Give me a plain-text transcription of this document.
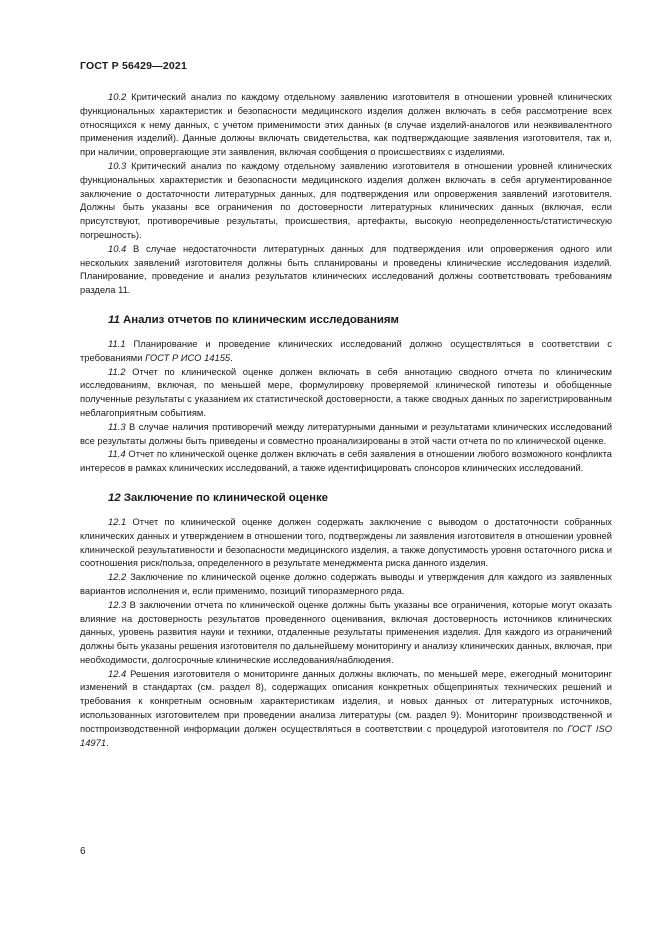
ГОСТ Р 56429—2021

10.2 Критический анализ по каждому отдельному заявлению изготовителя в отношении уровней клинических функциональных характеристик и безопасности медицинского изделия должен включать в себя рассмотрение всех относящихся к нему данных, с учетом применимости этих данных (в случае изделий-аналогов или неэквивалентного применения изделий). Данные должны включать свидетельства, как подтверждающие заявления изготовителя, так и, при наличии, опровергающие эти заявления, включая сообщения о происшествиях с изделиями.

10.3 Критический анализ по каждому отдельному заявлению изготовителя в отношении уровней клинических функциональных характеристик и безопасности медицинского изделия должен включать в себя аргументированное заключение о достаточности литературных данных, для подтверждения или опровержения заявлений изготовителя. Должны быть указаны все ограничения по достоверности литературных клинических данных (включая, если присутствуют, противоречивые результаты, происшествия, артефакты, высокую неопределенность/статистическую погрешность).

10.4 В случае недостаточности литературных данных для подтверждения или опровержения одного или нескольких заявлений изготовителя должны быть спланированы и проведены клинические исследования изделий. Планирование, проведение и анализ результатов клинических исследований должны соответствовать требованиям раздела 11.

11 Анализ отчетов по клиническим исследованиям

11.1 Планирование и проведение клинических исследований должно осуществляться в соответствии с требованиями ГОСТ Р ИСО 14155.

11.2 Отчет по клинической оценке должен включать в себя аннотацию сводного отчета по клиническим исследованиям, включая, по меньшей мере, формулировку проверяемой клинической гипотезы и обобщенные полученные результаты с указанием их статистической достоверности, а также сводных данных по зарегистрированным неблагоприятным событиям.

11.3 В случае наличия противоречий между литературными данными и результатами клинических исследований все результаты должны быть приведены и совместно проанализированы в этой части отчета по по клинической оценке.

11.4 Отчет по клинической оценке должен включать в себя заявления в отношении любого возможного конфликта интересов в рамках клинических исследований, а также идентифицировать спонсоров клинических исследований.

12 Заключение по клинической оценке

12.1 Отчет по клинической оценке должен содержать заключение с выводом о достаточности собранных клинических данных и утверждением в отношении того, подтверждены ли заявления изготовителя в отношении уровней клинической результативности и безопасности медицинского изделия, а также допустимость уровня остаточного риска и соотношения риск/польза, определенного в результате менеджмента риска данного изделия.

12.2 Заключение по клинической оценке должно содержать выводы и утверждения для каждого из заявленных вариантов исполнения и, если применимо, позиций типоразмерного ряда.

12.3 В заключении отчета по клинической оценке должны быть указаны все ограничения, которые могут оказать влияние на достоверность результатов проведенного оценивания, включая достоверность источников клинических данных, уровень развития науки и техники, отдаленные результаты применения изделия. Для каждого из ограничений должны быть указаны решения изготовителя по дальнейшему мониторингу и анализу клинических данных, включая, при необходимости, долгосрочные клинические исследования/наблюдения.

12.4 Решения изготовителя о мониторинге данных должны включать, по меньшей мере, ежегодный мониторинг изменений в стандартах (см. раздел 8), содержащих описания конкретных общепринятых технических решений и требования к конкретным основным характеристикам изделия, и новых данных от литературных источников, использованных изготовителем при проведении анализа литературы (см. раздел 9). Мониторинг производственной и постпроизводственной информации должен осуществляться в соответствии с процедурой изготовителя по ГОСТ ISO 14971.

6
